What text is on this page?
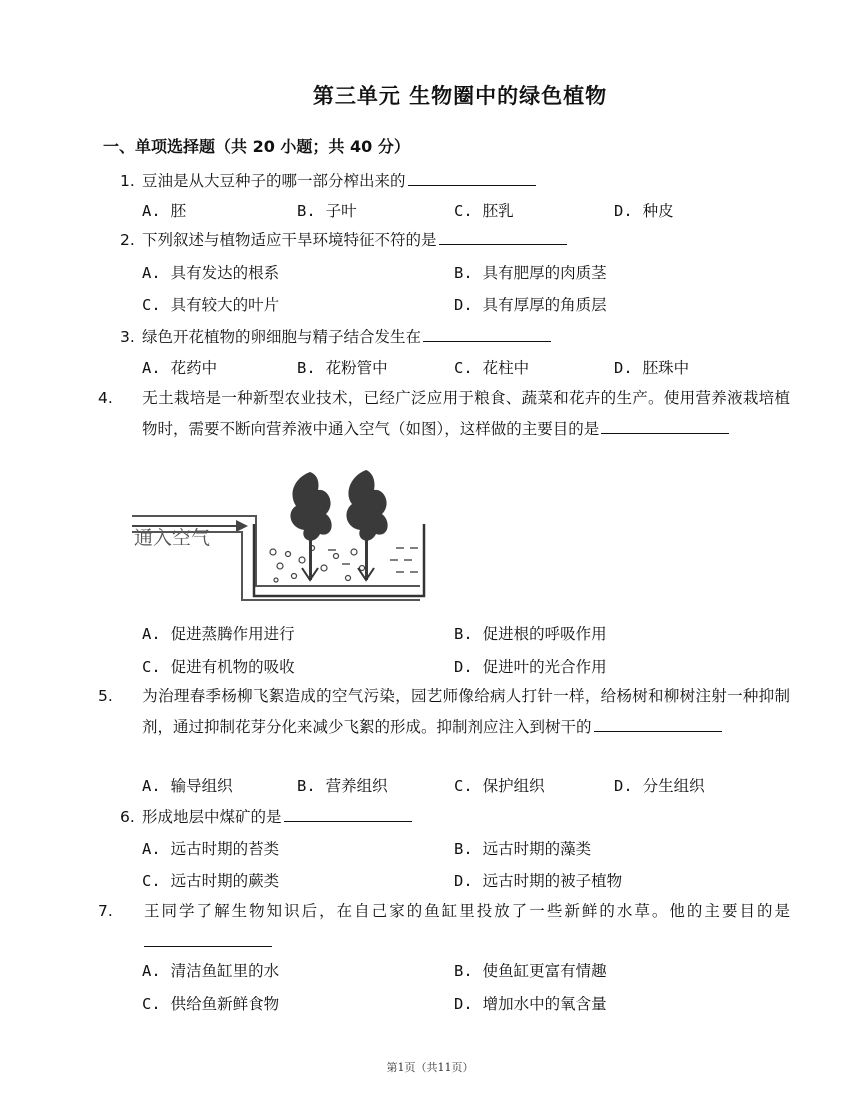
第三单元 生物圈中的绿色植物
一、单项选择题（共 20 小题；共 40 分）
1. 豆油是从大豆种子的哪一部分榨出来的
A. 胚	B. 子叶	C. 胚乳	D. 种皮
2. 下列叙述与植物适应干旱环境特征不符的是
A. 具有发达的根系	B. 具有肥厚的肉质茎
C. 具有较大的叶片	D. 具有厚厚的角质层
3. 绿色开花植物的卵细胞与精子结合发生在
A. 花药中	B. 花粉管中	C. 花柱中	D. 胚珠中
4. 无土栽培是一种新型农业技术，已经广泛应用于粮食、蔬菜和花卉的生产。使用营养液栽培植物时，需要不断向营养液中通入空气（如图），这样做的主要目的是
通入空气
A. 促进蒸腾作用进行	B. 促进根的呼吸作用
C. 促进有机物的吸收	D. 促进叶的光合作用
5. 为治理春季杨柳飞絮造成的空气污染，园艺师像给病人打针一样，给杨树和柳树注射一种抑制剂，通过抑制花芽分化来减少飞絮的形成。抑制剂应注入到树干的
A. 输导组织	B. 营养组织	C. 保护组织	D. 分生组织
6. 形成地层中煤矿的是
A. 远古时期的苔类	B. 远古时期的藻类
C. 远古时期的蕨类	D. 远古时期的被子植物
7. 王同学了解生物知识后，在自己家的鱼缸里投放了一些新鲜的水草。他的主要目的是
A. 清洁鱼缸里的水	B. 使鱼缸更富有情趣
C. 供给鱼新鲜食物	D. 增加水中的氧含量
第1页（共11页）
